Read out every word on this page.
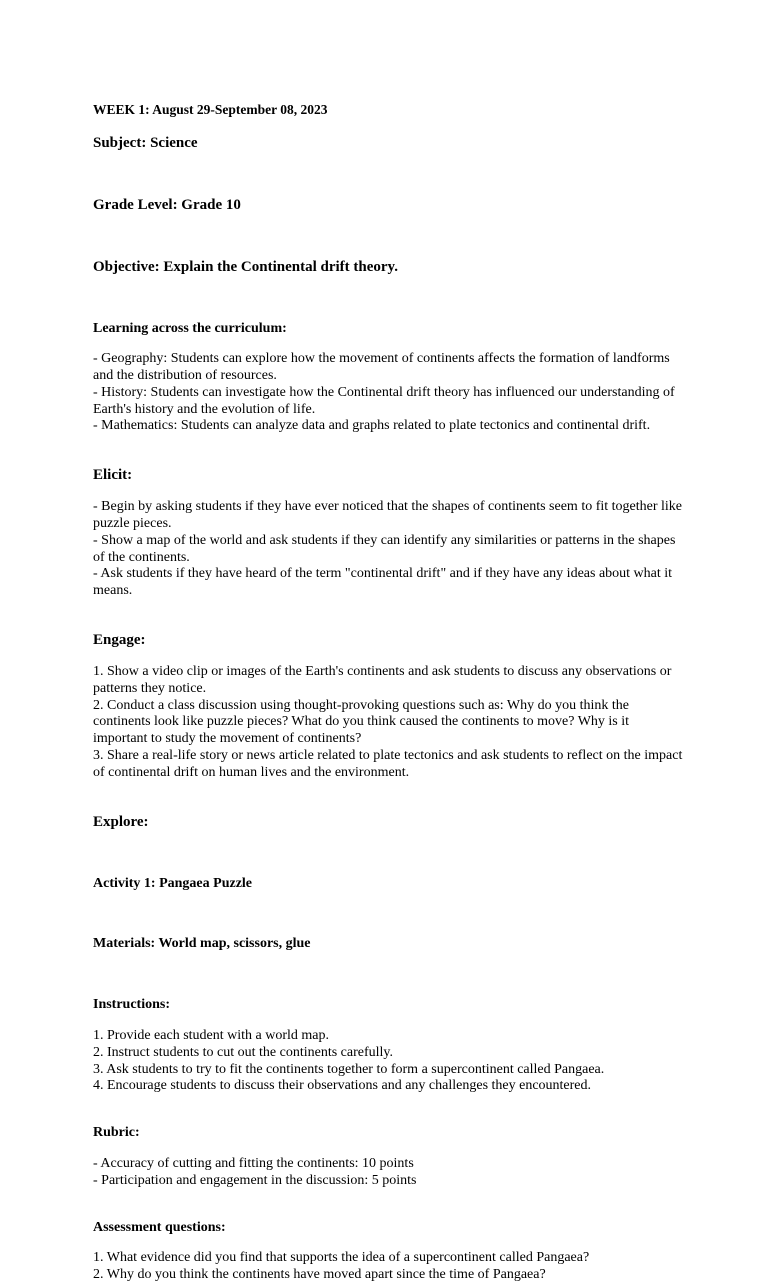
WEEK 1: August 29-September 08, 2023

Subject: Science

Grade Level: Grade 10

Objective: Explain the Continental drift theory.

Learning across the curriculum:

- Geography: Students can explore how the movement of continents affects the formation of landforms and the distribution of resources.
- History: Students can investigate how the Continental drift theory has influenced our understanding of Earth's history and the evolution of life.
- Mathematics: Students can analyze data and graphs related to plate tectonics and continental drift.

Elicit:

- Begin by asking students if they have ever noticed that the shapes of continents seem to fit together like puzzle pieces.
- Show a map of the world and ask students if they can identify any similarities or patterns in the shapes of the continents.
- Ask students if they have heard of the term "continental drift" and if they have any ideas about what it means.

Engage:

1. Show a video clip or images of the Earth's continents and ask students to discuss any observations or patterns they notice.
2. Conduct a class discussion using thought-provoking questions such as: Why do you think the continents look like puzzle pieces? What do you think caused the continents to move? Why is it important to study the movement of continents?
3. Share a real-life story or news article related to plate tectonics and ask students to reflect on the impact of continental drift on human lives and the environment.

Explore:

Activity 1: Pangaea Puzzle

Materials: World map, scissors, glue

Instructions:

1. Provide each student with a world map.
2. Instruct students to cut out the continents carefully.
3. Ask students to try to fit the continents together to form a supercontinent called Pangaea.
4. Encourage students to discuss their observations and any challenges they encountered.

Rubric:

- Accuracy of cutting and fitting the continents: 10 points
- Participation and engagement in the discussion: 5 points

Assessment questions:

1. What evidence did you find that supports the idea of a supercontinent called Pangaea?
2. Why do you think the continents have moved apart since the time of Pangaea?
